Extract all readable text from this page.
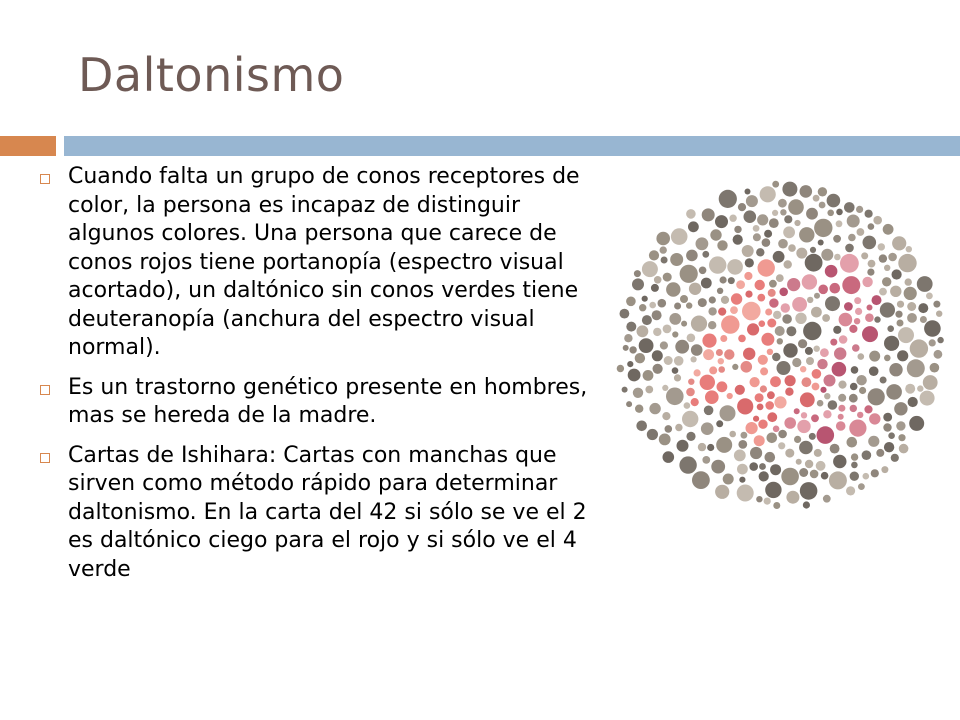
Daltonismo
Cuando falta un grupo de conos receptores de color, la persona es incapaz de distinguir algunos colores. Una persona que carece de conos rojos tiene portanopía (espectro visual acortado), un daltónico sin conos verdes tiene deuteranopía (anchura del espectro visual normal).
Es un trastorno genético presente en hombres, mas se hereda de la madre.
Cartas de Ishihara: Cartas con manchas que sirven como método rápido para determinar daltonismo. En la carta del 42 si sólo se ve el 2 es daltónico ciego para el rojo y si sólo ve el 4 verde
